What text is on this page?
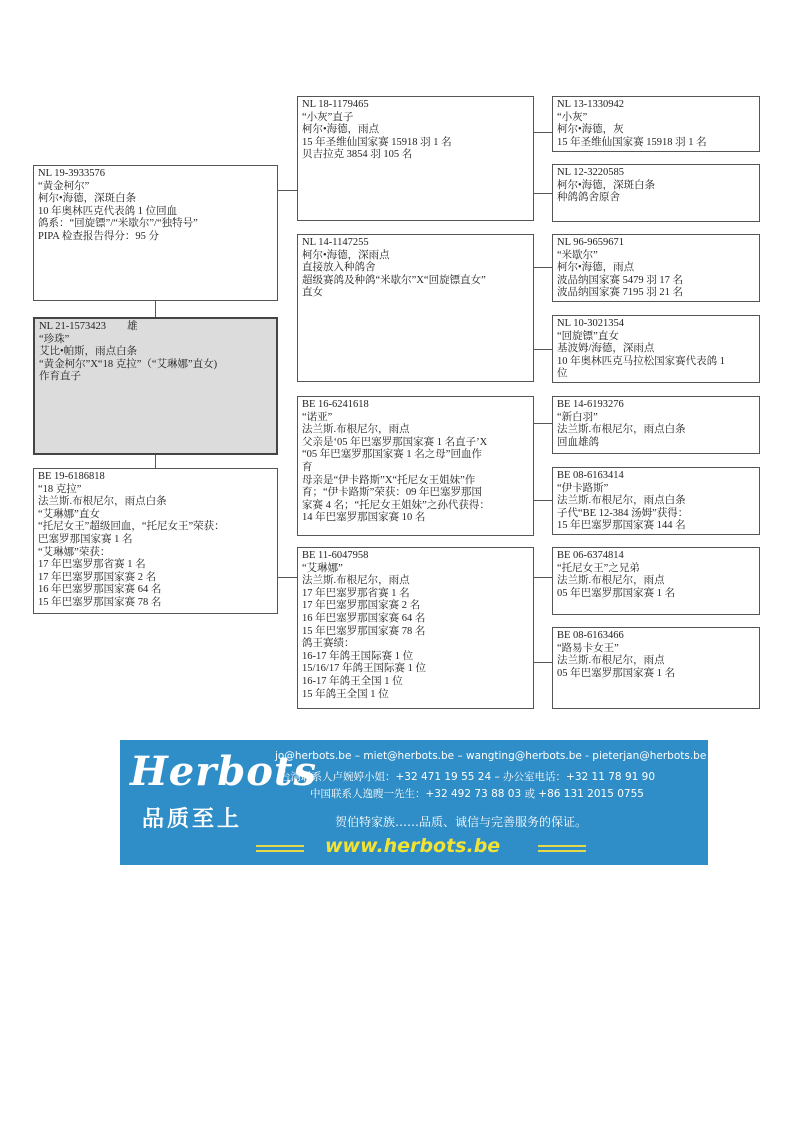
NL 19-3933576
“黄金柯尔”
柯尔•海德，深斑白条
10 年奥林匹克代表鸽 1 位回血
鸽系：“回旋镖”/“米歇尔”/“独特号”
PIPA 检查报告得分：95 分
NL 21-1573423　　雄
“珍珠”
艾比•帕斯，雨点白条
“黄金柯尔”X“18 克拉”（“艾琳娜”直女)
作育直子
BE 19-6186818
“18 克拉”
法兰斯.布根尼尔，雨点白条
“艾琳娜”直女
“托尼女王”超级回血，“托尼女王”荣获：
巴塞罗那国家赛 1 名
“艾琳娜”荣获：
17 年巴塞罗那省赛 1 名
17 年巴塞罗那国家赛 2 名
16 年巴塞罗那国家赛 64 名
15 年巴塞罗那国家赛 78 名
NL 18-1179465
“小灰”直子
柯尔•海德，雨点
15 年圣维仙国家赛 15918 羽 1 名
贝吉拉克 3854 羽 105 名
NL 14-1147255
柯尔•海德，深雨点
直接放入种鸽舍
超级赛鸽及种鸽“米歇尔”X“回旋镖直女”
直女
BE 16-6241618
“诺亚”
法兰斯.布根尼尔，雨点
父亲是‘05 年巴塞罗那国家赛 1 名直子’X
“05 年巴塞罗那国家赛 1 名之母”回血作
育
母亲是“伊卡路斯”X“托尼女王姐妹”作
育；“伊卡路斯”荣获：09 年巴塞罗那国
家赛 4 名；“托尼女王姐妹”之孙代获得：
14 年巴塞罗那国家赛 10 名
BE 11-6047958
“艾琳娜”
法兰斯.布根尼尔，雨点
17 年巴塞罗那省赛 1 名
17 年巴塞罗那国家赛 2 名
16 年巴塞罗那国家赛 64 名
15 年巴塞罗那国家赛 78 名
鸽王赛绩：
16-17 年鸽王国际赛 1 位
15/16/17 年鸽王国际赛 1 位
16-17 年鸽王全国 1 位
15 年鸽王全国 1 位
NL 13-1330942
“小灰”
柯尔•海德，灰
15 年圣维仙国家赛 15918 羽 1 名
NL 12-3220585
柯尔•海德，深斑白条
种鸽鸽舍原舍
NL 96-9659671
“米歇尔”
柯尔•海德，雨点
波品纳国家赛 5479 羽 17 名
波品纳国家赛 7195 羽 21 名
NL 10-3021354
“回旋镖”直女
基波姆/海德，深雨点
10 年奥林匹克马拉松国家赛代表鸽 1
位
BE 14-6193276
“新白羽”
法兰斯.布根尼尔，雨点白条
回血雄鸽
BE 08-6163414
“伊卡路斯”
法兰斯.布根尼尔，雨点白条
子代“BE 12-384 汤姆”获得：
15 年巴塞罗那国家赛 144 名
BE 06-6374814
“托尼女王”之兄弟
法兰斯.布根尼尔，雨点
05 年巴塞罗那国家赛 1 名
BE 08-6163466
“路易卡女王”
法兰斯.布根尼尔，雨点
05 年巴塞罗那国家赛 1 名
Herbots
品质至上
jo@herbots.be – miet@herbots.be – wangting@herbots.be - pieterjan@herbots.be
台湾联系人卢婉婷小姐：+32 471 19 55 24 – 办公室电话：+32 11 78 91 90
中国联系人逸瞍一先生：+32 492 73 88 03 或 +86 131 2015 0755
贺伯特家族……品质、诚信与完善服务的保证。
www.herbots.be
